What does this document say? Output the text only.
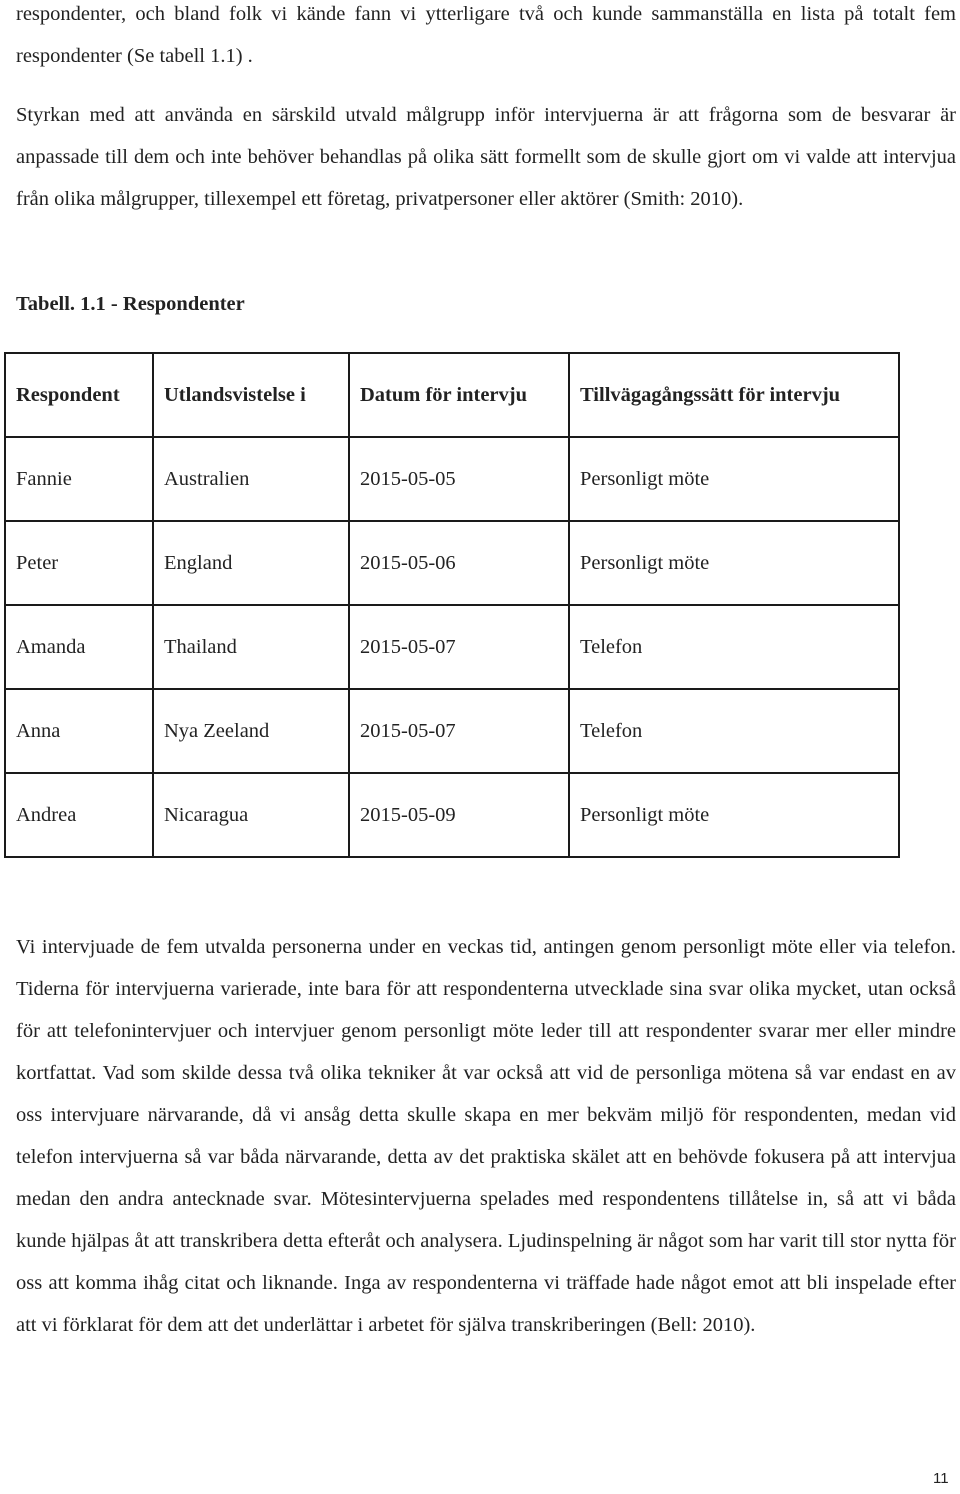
respondenter, och bland folk vi kände fann vi ytterligare två och kunde sammanställa en lista på totalt fem respondenter (Se tabell 1.1) .

Styrkan med att använda en särskild utvald målgrupp inför intervjuerna är att frågorna som de besvarar är anpassade till dem och inte behöver behandlas på olika sätt formellt som de skulle gjort om vi valde att intervjua från olika målgrupper, tillexempel ett företag, privatpersoner eller aktörer (Smith: 2010).

Tabell. 1.1 - Respondenter
Respondent	Utlandsvistelse i	Datum för intervju	Tillvägagångssätt för intervju
Fannie	Australien	2015-05-05	Personligt möte
Peter	England	2015-05-06	Personligt möte
Amanda	Thailand	2015-05-07	Telefon
Anna	Nya Zeeland	2015-05-07	Telefon
Andrea	Nicaragua	2015-05-09	Personligt möte

Vi intervjuade de fem utvalda personerna under en veckas tid, antingen genom personligt möte eller via telefon. Tiderna för intervjuerna varierade, inte bara för att respondenterna utvecklade sina svar olika mycket, utan också för att telefonintervjuer och intervjuer genom personligt möte leder till att respondenter svarar mer eller mindre kortfattat. Vad som skilde dessa två olika tekniker åt var också att vid de personliga mötena så var endast en av oss intervjuare närvarande, då vi ansåg detta skulle skapa en mer bekväm miljö för respondenten, medan vid telefon intervjuerna så var båda närvarande, detta av det praktiska skälet att en behövde fokusera på att intervjua medan den andra antecknade svar. Mötesintervjuerna spelades med respondentens tillåtelse in, så att vi båda kunde hjälpas åt att transkribera detta efteråt och analysera. Ljudinspelning är något som har varit till stor nytta för oss att komma ihåg citat och liknande. Inga av respondenterna vi träffade hade något emot att bli inspelade efter att vi förklarat för dem att det underlättar i arbetet för själva transkriberingen (Bell: 2010).

11
